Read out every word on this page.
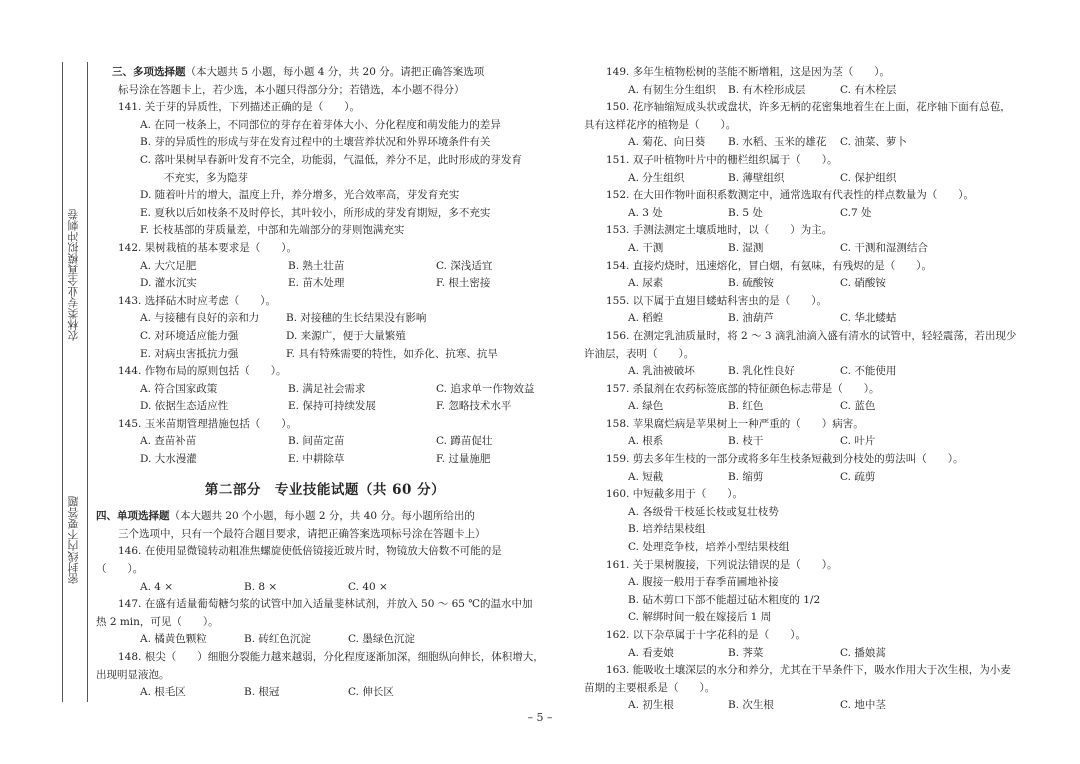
农林类专业全真模拟冲刺卷
密封线内不要答题
三、多项选择题（本大题共 5 小题，每小题 4 分，共 20 分。请把正确答案选项
标号涂在答题卡上，若少选，本小题只得部分分；若错选，本小题不得分）
141. 关于芽的异质性，下列描述正确的是（　　）。
A. 在同一枝条上，不同部位的芽存在着芽体大小、分化程度和萌发能力的差异
B. 芽的异质性的形成与芽在发育过程中的土壤营养状况和外界环境条件有关
C. 落叶果树早春新叶发育不完全，功能弱，气温低，养分不足，此时形成的芽发育
不充实，多为隐芽
D. 随着叶片的增大，温度上升，养分增多，光合效率高，芽发育充实
E. 夏秋以后如枝条不及时停长，其叶较小，所形成的芽发育期短，多不充实
F. 长枝基部的芽质量差，中部和先端部分的芽则饱满充实
142. 果树栽植的基本要求是（　　）。
A. 大穴足肥	B. 熟土壮苗	C. 深浅适宜
D. 灌水沉实	E. 苗木处理	F. 根土密接
143. 选择砧木时应考虑（　　）。
A. 与接穗有良好的亲和力	B. 对接穗的生长结果没有影响
C. 对环境适应能力强	D. 来源广，便于大量繁殖
E. 对病虫害抵抗力强	F. 具有特殊需要的特性，如乔化、抗寒、抗旱
144. 作物布局的原则包括（　　）。
A. 符合国家政策	B. 满足社会需求	C. 追求单一作物效益
D. 依据生态适应性	E. 保持可持续发展	F. 忽略技术水平
145. 玉米苗期管理措施包括（　　）。
A. 查苗补苗	B. 间苗定苗	C. 蹲苗促壮
D. 大水漫灌	E. 中耕除草	F. 过量施肥
第二部分　专业技能试题（共 60 分）
四、单项选择题（本大题共 20 个小题，每小题 2 分，共 40 分。每小题所给出的
三个选项中，只有一个最符合题目要求，请把正确答案选项标号涂在答题卡上）
146. 在使用显微镜转动粗准焦螺旋使低倍镜接近玻片时，物镜放大倍数不可能的是
（　　）。
A. 4 ×	B. 8 ×	C. 40 ×
147. 在盛有适量葡萄糖匀浆的试管中加入适量斐林试剂，并放入 50 ～ 65 ℃的温水中加
热 2 min，可见（　　）。
A. 橘黄色颗粒	B. 砖红色沉淀	C. 墨绿色沉淀
148. 根尖（　　）细胞分裂能力越来越弱，分化程度逐渐加深，细胞纵向伸长，体积增大，
出现明显液泡。
A. 根毛区	B. 根冠	C. 伸长区
149. 多年生植物松树的茎能不断增粗，这是因为茎（　　）。
A. 有韧生分生组织	B. 有木栓形成层	C. 有木栓层
150. 花序轴缩短成头状或盘状，许多无柄的花密集地着生在上面，花序轴下面有总苞，
具有这样花序的植物是（　　）。
A. 菊花、向日葵	B. 水稻、玉米的雄花	C. 油菜、萝卜
151. 双子叶植物叶片中的栅栏组织属于（　　）。
A. 分生组织	B. 薄壁组织	C. 保护组织
152. 在大田作物叶面积系数测定中，通常选取有代表性的样点数量为（　　）。
A. 3 处	B. 5 处	C.7 处
153. 手测法测定土壤质地时，以（　　）为主。
A. 干测	B. 湿测	C. 干测和湿测结合
154. 直接灼烧时，迅速熔化，冒白烟，有氨味，有残烬的是（　　）。
A. 尿素	B. 硫酸铵	C. 硝酸铵
155. 以下属于直翅目蝼蛄科害虫的是（　　）。
A. 稻蝗	B. 油葫芦	C. 华北蝼蛄
156. 在测定乳油质量时，将 2 ～ 3 滴乳油滴入盛有清水的试管中，轻轻震荡，若出现少
许油层，表明（　　）。
A. 乳油被破坏	B. 乳化性良好	C. 不能使用
157. 杀鼠剂在农药标签底部的特征颜色标志带是（　　）。
A. 绿色	B. 红色	C. 蓝色
158. 苹果腐烂病是苹果树上一种严重的（　　）病害。
A. 根系	B. 枝干	C. 叶片
159. 剪去多年生枝的一部分或将多年生枝条短截到分枝处的剪法叫（　　）。
A. 短截	B. 缩剪	C. 疏剪
160. 中短截多用于（　　）。
A. 各级骨干枝延长枝或复壮枝势
B. 培养结果枝组
C. 处理竞争枝，培养小型结果枝组
161. 关于果树腹接，下列说法错误的是（　　）。
A. 腹接一般用于春季苗圃地补接
B. 砧木剪口下部不能超过砧木粗度的 1/2
C. 解绑时间一般在嫁接后 1 周
162. 以下杂草属于十字花科的是（　　）。
A. 看麦娘	B. 荠菜	C. 播娘蒿
163. 能吸收土壤深层的水分和养分，尤其在干旱条件下，吸水作用大于次生根，为小麦
苗期的主要根系是（　　）。
A. 初生根	B. 次生根	C. 地中茎
– 5 –
